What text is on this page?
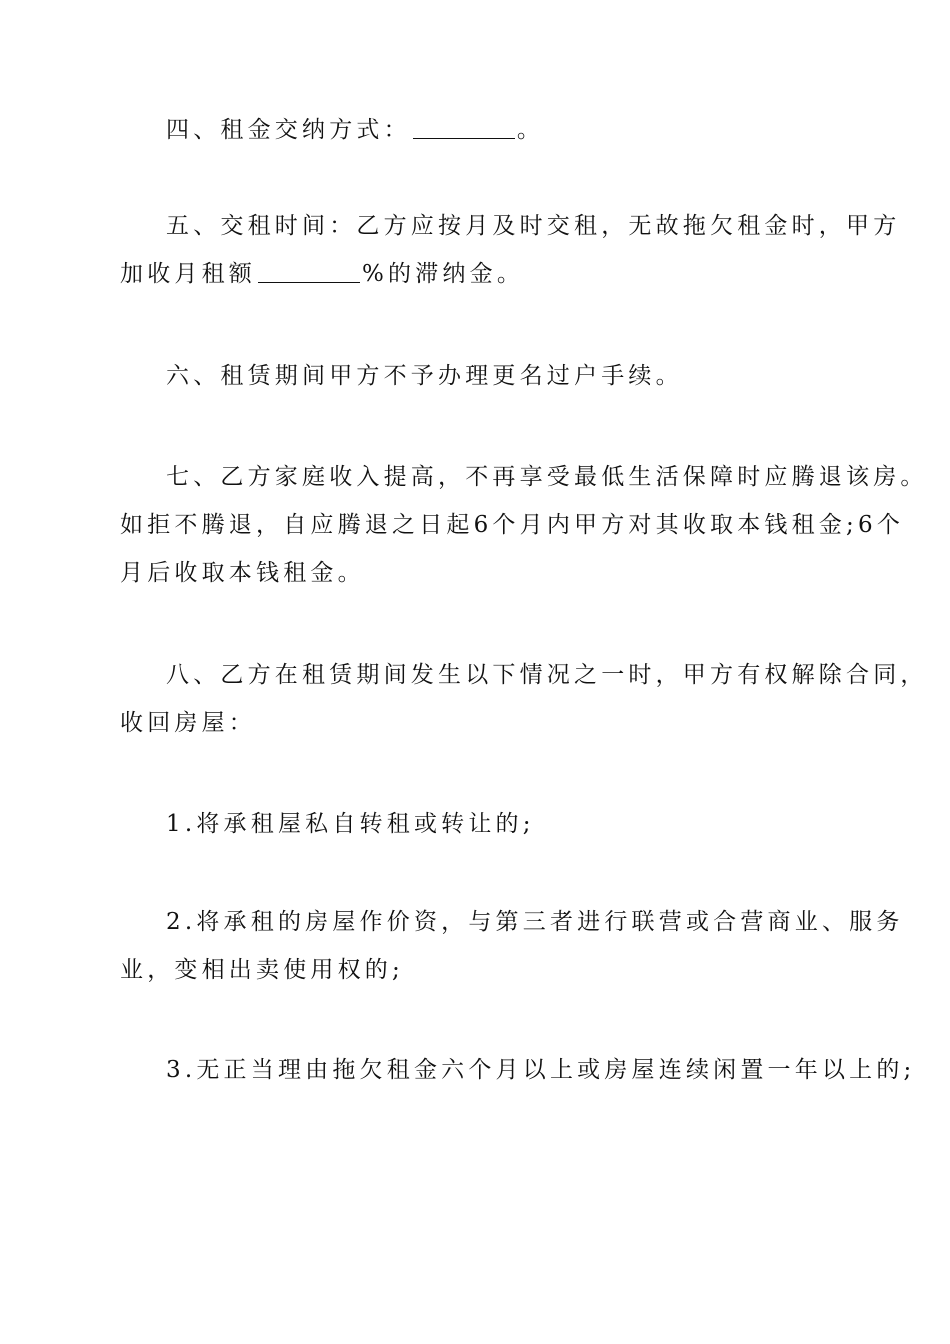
四、租金交纳方式：	。
五、交租时间：乙方应按月及时交租，无故拖欠租金时，甲方
加收月租额	%的滞纳金。
六、租赁期间甲方不予办理更名过户手续。
七、乙方家庭收入提高，不再享受最低生活保障时应腾退该房。
如拒不腾退，自应腾退之日起6个月内甲方对其收取本钱租金;6个
月后收取本钱租金。
八、乙方在租赁期间发生以下情况之一时，甲方有权解除合同，
收回房屋：
1.将承租屋私自转租或转让的;
2.将承租的房屋作价资，与第三者进行联营或合营商业、服务
业，变相出卖使用权的;
3.无正当理由拖欠租金六个月以上或房屋连续闲置一年以上的;
